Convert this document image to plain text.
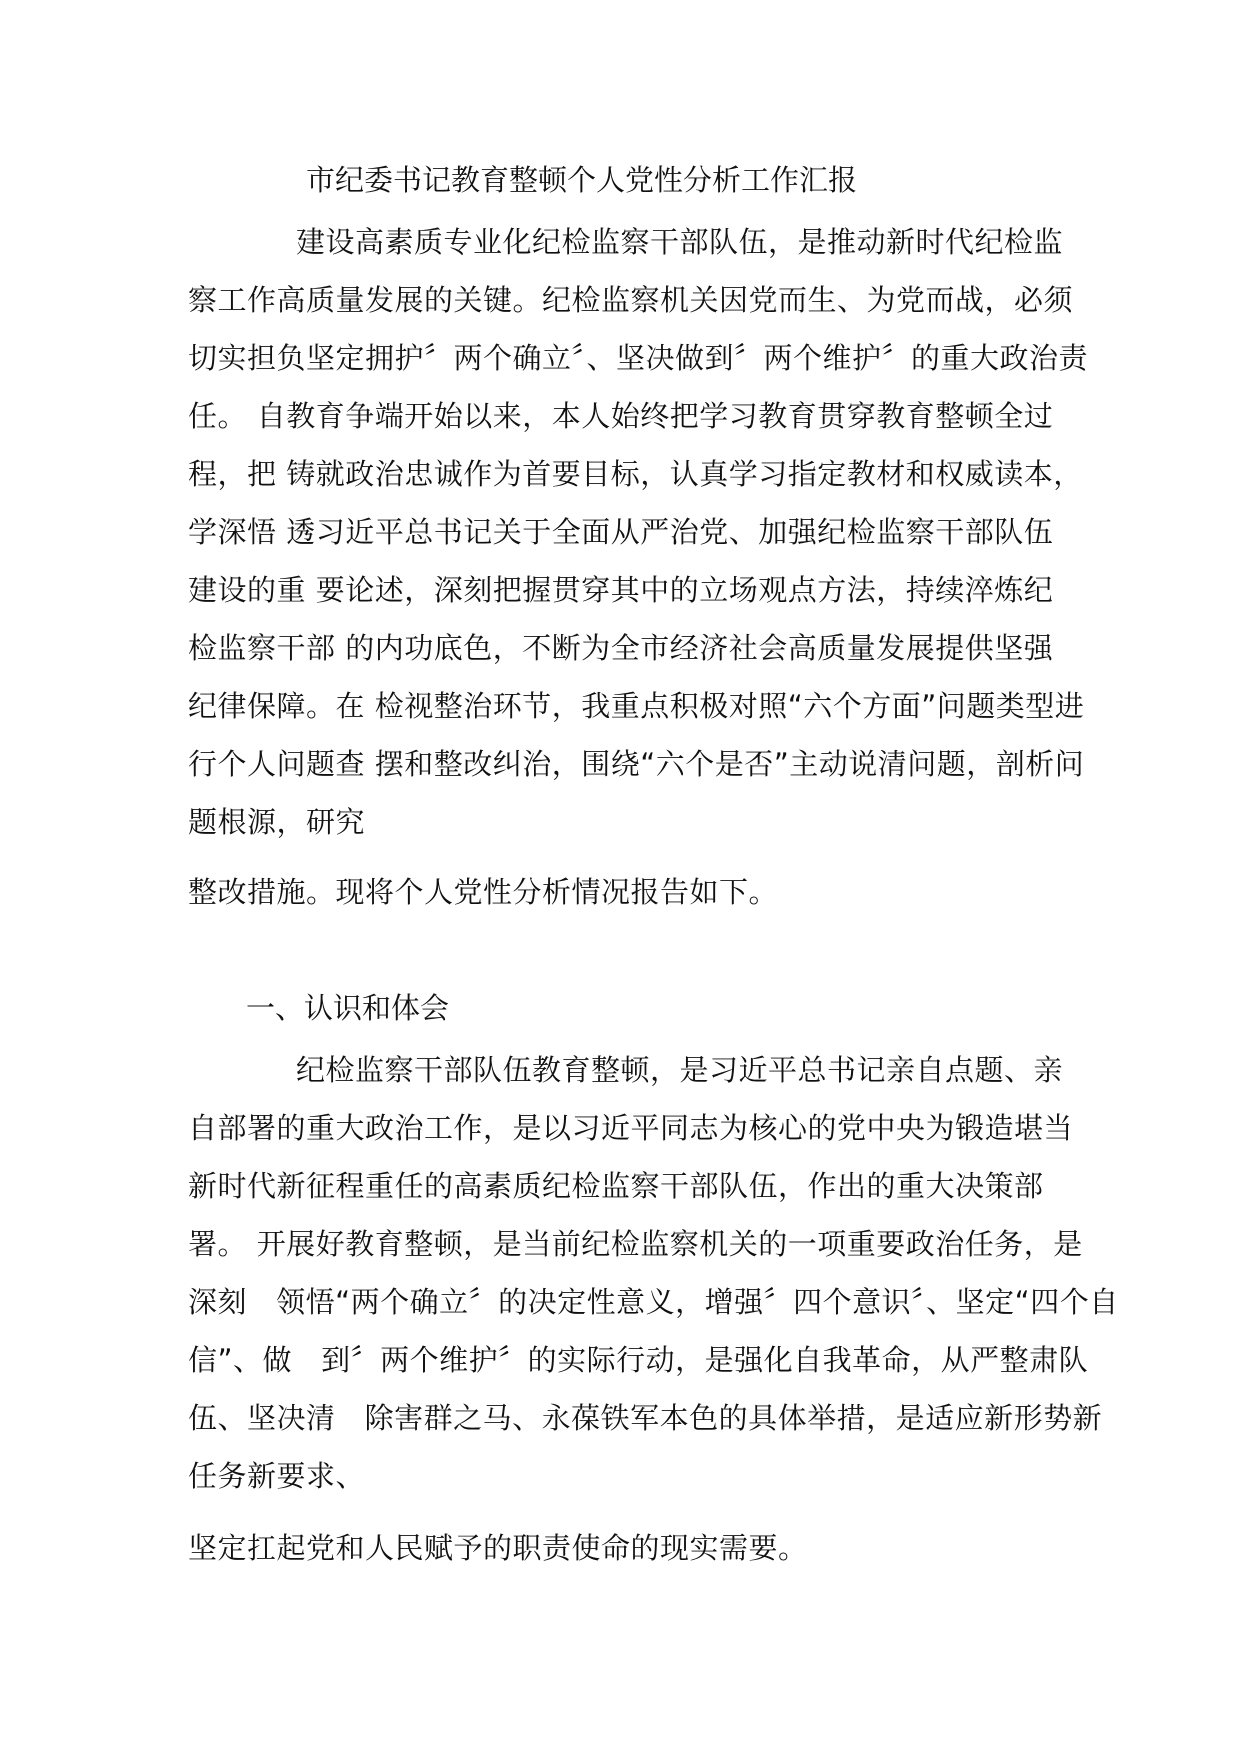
市纪委书记教育整顿个人党性分析工作汇报
建设高素质专业化纪检监察干部队伍，是推动新时代纪检监
察工作高质量发展的关键。纪检监察机关因党而生、为党而战，必须
切实担负坚定拥护〞两个确立〞、坚决做到〞两个维护〞的重大政治责
任。 自教育争端开始以来，本人始终把学习教育贯穿教育整顿全过
程，把 铸就政治忠诚作为首要目标，认真学习指定教材和权威读本，
学深悟 透习近平总书记关于全面从严治党、加强纪检监察干部队伍
建设的重 要论述，深刻把握贯穿其中的立场观点方法，持续淬炼纪
检监察干部 的内功底色，不断为全市经济社会高质量发展提供坚强
纪律保障。在 检视整治环节，我重点积极对照“六个方面”问题类型进
行个人问题查 摆和整改纠治，围绕“六个是否”主动说清问题，剖析问
题根源，研究
整改措施。现将个人党性分析情况报告如下。
一、认识和体会
纪检监察干部队伍教育整顿，是习近平总书记亲自点题、亲
自部署的重大政治工作，是以习近平同志为核心的党中央为锻造堪当
新时代新征程重任的高素质纪检监察干部队伍，作出的重大决策部
署。 开展好教育整顿，是当前纪检监察机关的一项重要政治任务，是
深刻   领悟“两个确立〞的决定性意义，增强〞四个意识〞、坚定“四个自
信”、做   到〞两个维护〞的实际行动，是强化自我革命，从严整肃队
伍、坚决清   除害群之马、永葆铁军本色的具体举措，是适应新形势新
任务新要求、
坚定扛起党和人民赋予的职责使命的现实需要。
